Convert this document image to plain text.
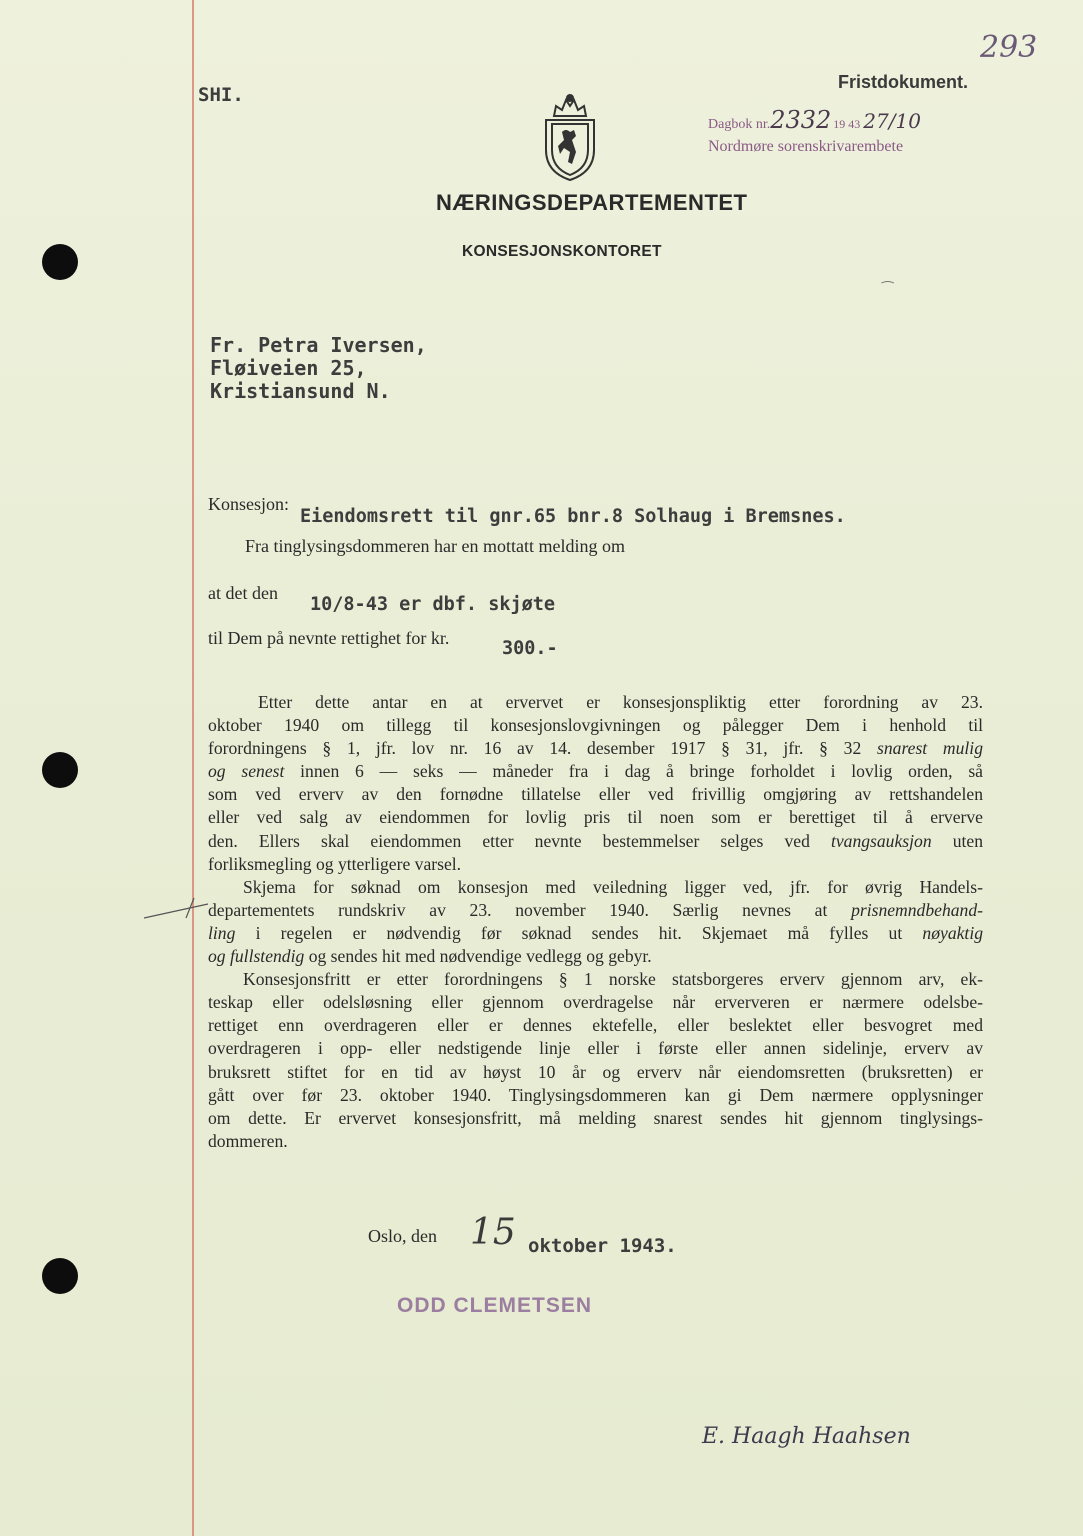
293
SHI.
Fristdokument.
Dagbok nr.2332 19 43 27/10
Nordmøre sorenskrivarembete
NÆRINGSDEPARTEMENTET
KONSESJONSKONTORET
Fr. Petra Iversen,
Fløiveien 25,
Kristiansund N.
⁀
Konsesjon:
Eiendomsrett til gnr.65 bnr.8 Solhaug i Bremsnes.
Fra tinglysingsdommeren har en mottatt melding om
at det den
10/8-43 er dbf. skjøte
til Dem på nevnte rettighet for kr.	300.-

Etter dette antar en at ervervet er konsesjonspliktig etter forordning av 23.
oktober 1940 om tillegg til konsesjonslovgivningen og pålegger Dem i henhold til
forordningens § 1, jfr. lov nr. 16 av 14. desember 1917 § 31, jfr. § 32 snarest mulig
og senest innen 6 — seks — måneder fra i dag å bringe forholdet i lovlig orden, så
som ved erverv av den fornødne tillatelse eller ved frivillig omgjøring av rettshandelen
eller ved salg av eiendommen for lovlig pris til noen som er berettiget til å erverve
den. Ellers skal eiendommen etter nevnte bestemmelser selges ved tvangsauksjon uten
forliksmegling og ytterligere varsel.

Skjema for søknad om konsesjon med veiledning ligger ved, jfr. for øvrig Handels-
departementets rundskriv av 23. november 1940. Særlig nevnes at prisnemndbehand-
ling i regelen er nødvendig før søknad sendes hit. Skjemaet må fylles ut nøyaktig
og fullstendig og sendes hit med nødvendige vedlegg og gebyr.

Konsesjonsfritt er etter forordningens § 1 norske statsborgeres erverv gjennom arv, ek-
teskap eller odelsløsning eller gjennom overdragelse når erververen er nærmere odelsbe-
rettiget enn overdrageren eller er dennes ektefelle, eller beslektet eller besvogret med
overdrageren i opp- eller nedstigende linje eller i første eller annen sidelinje, erverv av
bruksrett stiftet for en tid av høyst 10 år og erverv når eiendomsretten (bruksretten) er
gått over før 23. oktober 1940. Tinglysingsdommeren kan gi Dem nærmere opplysninger
om dette. Er ervervet konsesjonsfritt, må melding snarest sendes hit gjennom tinglysings-
dommeren.

Oslo, den 15 oktober 1943.
ODD CLEMETSEN
E. Haagh Haahsen
